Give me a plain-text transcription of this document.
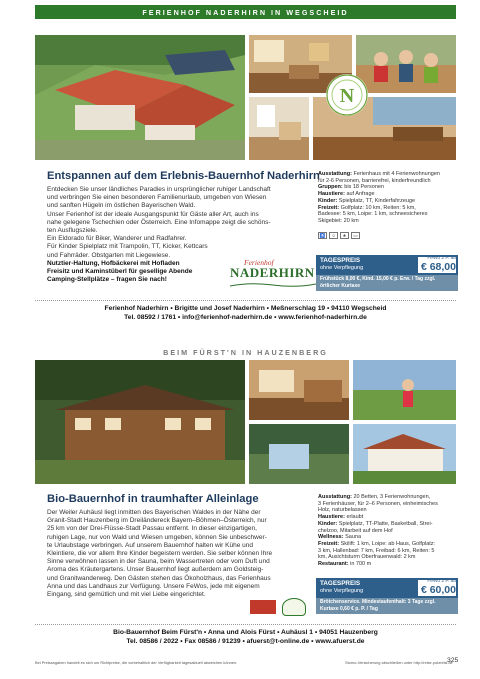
FERIENHOF NADERHIRN IN WEGSCHEID
N
Entspannen auf dem Erlebnis-Bauernhof Naderhirn
Entdecken Sie unser ländliches Paradies in ursprünglicher ruhiger Landschaft
und verbringen Sie einen besonderen Familienurlaub, umgeben von Wiesen
und sanften Hügeln im östlichen Bayerischen Wald.
Unser Ferienhof ist der ideale Ausgangspunkt für Gäste aller Art, auch ins
nahe gelegene Tschechien oder Österreich. Eine Infomappe zeigt die schöns-
ten Ausflugsziele.
Ein Eldorado für Biker, Wanderer und Radfahrer.
Für Kinder Spielplatz mit Trampolin, TT, Kicker, Kettcars
und Fahrräder. Obstgarten mit Liegewiese.
Nutztier-Haltung, Hofbäckerei mit Hofladen
Freisitz und Kaminstüberl für gesellige Abende
Camping-Stellplätze – fragen Sie nach!
Ferienhof
NADERHIRN
Ausstattung: Ferienhaus mit 4 Ferienwohnungen
für 2-6 Personen, barrierefrei, kinderfreundlich
Gruppen: bis 18 Personen
Haustiere: auf Anfrage
Kinder: Spielplatz, TT, Kinderfahrzeuge
Freizeit: Golfplatz: 10 km, Reiten: 5 km,
Badesee: 5 km, Loipe: 1 km, schneesicheres
Skigebiet: 20 km
♿	☺	♣	▭
TAGESPREIS
ohne Verpflegung
FeWo 2 P. ab
€ 68,00
Frühstück 8,00 €, Kind. 15,00 € p. Erw. / Tag zzgl. örtlicher Kurtaxe
Ferienhof Naderhirn • Brigitte und Josef Naderhirn • Meßnerschlag 19 • 94110 Wegscheid
Tel. 08592 / 1761 • info@ferienhof-naderhirn.de • www.ferienhof-naderhirn.de
BEIM FÜRST'N IN HAUZENBERG
Bio-Bauernhof in traumhafter Alleinlage
Der Weiler Auhäusl liegt inmitten des Bayerischen Waldes in der Nähe der
Granit-Stadt Hauzenberg im Dreiländereck Bayern–Böhmen–Österreich, nur
25 km von der Drei-Flüsse-Stadt Passau entfernt. In dieser einzigartigen,
ruhigen Lage, nur von Wald und Wiesen umgeben, können Sie unbeschwer-
te Urlaubstage verbringen. Auf unserem Bauernhof halten wir Kühe und
Kleintiere, die vor allem Ihre Kinder begeistern werden. Sie selber können Ihre
Sinne verwöhnen lassen in der Sauna, beim Wassertreten oder vom Duft und
Aroma des Kräutergartens. Unser Bauernhof liegt außerdem am Goldsteig-
und Granitwanderweg. Den Gästen stehen das Ökoholzhaus, das Ferienhaus
Anna und das Landhaus zur Verfügung. Unsere FeWos, jede mit eigenem
Eingang, sind gemütlich und mit viel Liebe eingerichtet.
Ausstattung: 20 Betten, 3 Ferienwohnungen,
3 Ferienhäuser, für 2–6 Personen, einheimisches
Holz, naturbelassen
Haustiere: erlaubt
Kinder: Spielplatz, TT-Platte, Basketball, Strei-
chelzoo, Mitarbeit auf dem Hof
Wellness: Sauna
Freizeit: Skilift: 1 km, Loipe: ab Haus, Golfplatz:
3 km, Hallenbad: 7 km, Freibad: 6 km, Reiten: 5
km, Ausichtsturm Oberfrauenwald: 2 km
Restaurant: in 700 m
TAGESPREIS
ohne Verpflegung
FeWo 2 P. ab
€ 60,00
Brötchenservice. Mindestaufenthalt: 3 Tage zzgl. Kurtaxe 0,60 € p. P. / Tag
Bio-Bauernhof Beim Fürst'n • Anna und Alois Fürst • Auhäusl 1 • 94051 Hauzenberg
Tel. 08586 / 2022 • Fax 08586 / 91239 • afuerst@t-online.de • www.afuerst.de
Bei Preisangaben handelt es sich um Richtpreise, die vorbehaltlich der Verfügbarkeit tagesaktuell abweichen können.	Storno-Versicherung abschließen unter http://reise.potzreisl.de
325
